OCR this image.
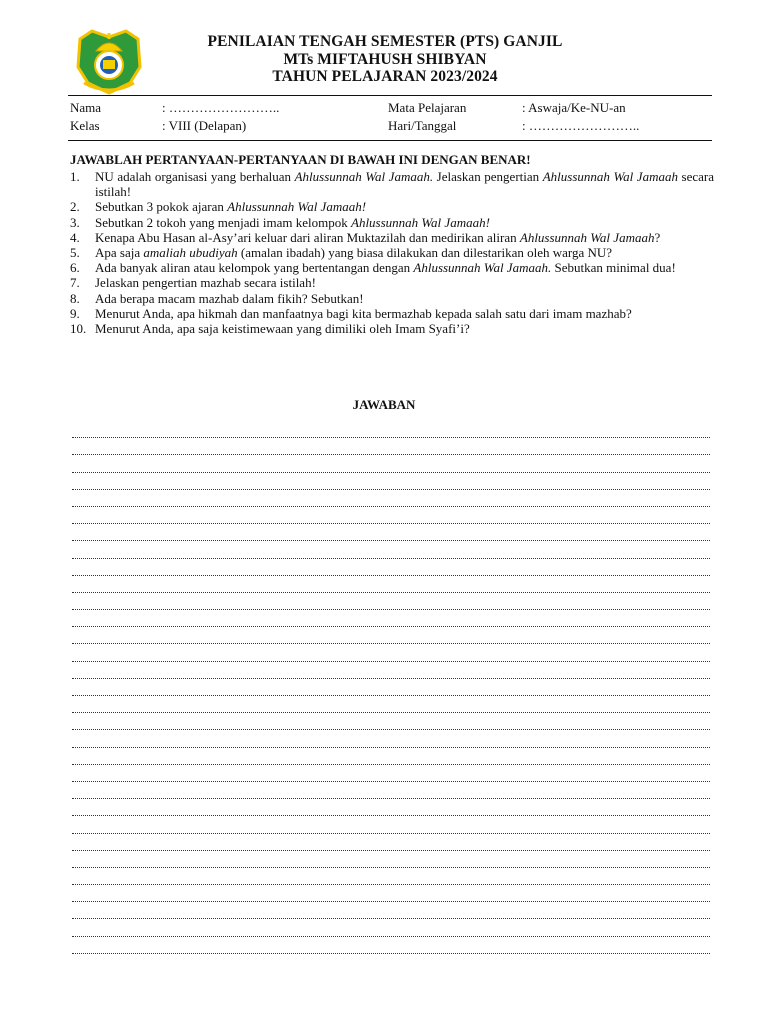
PENILAIAN TENGAH SEMESTER (PTS) GANJIL
MTs MIFTAHUSH SHIBYAN
TAHUN PELAJARAN 2023/2024
Nama	: ……………………..	Mata Pelajaran	: Aswaja/Ke-NU-an
Kelas	: VIII (Delapan)	Hari/Tanggal	: ……………………..
JAWABLAH PERTANYAAN-PERTANYAAN DI BAWAH INI DENGAN BENAR!
1. NU adalah organisasi yang berhaluan Ahlussunnah Wal Jamaah. Jelaskan pengertian Ahlussunnah Wal Jamaah secara istilah!
2. Sebutkan 3 pokok ajaran Ahlussunnah Wal Jamaah!
3. Sebutkan 2 tokoh yang menjadi imam kelompok Ahlussunnah Wal Jamaah!
4. Kenapa Abu Hasan al-Asy’ari keluar dari aliran Muktazilah dan medirikan aliran Ahlussunnah Wal Jamaah?
5. Apa saja amaliah ubudiyah (amalan ibadah) yang biasa dilakukan dan dilestarikan oleh warga NU?
6. Ada banyak aliran atau kelompok yang bertentangan dengan Ahlussunnah Wal Jamaah. Sebutkan minimal dua!
7. Jelaskan pengertian mazhab secara istilah!
8. Ada berapa macam mazhab dalam fikih? Sebutkan!
9. Menurut Anda, apa hikmah dan manfaatnya bagi kita bermazhab kepada salah satu dari imam mazhab?
10. Menurut Anda, apa saja keistimewaan yang dimiliki oleh Imam Syafi’i?
JAWABAN
